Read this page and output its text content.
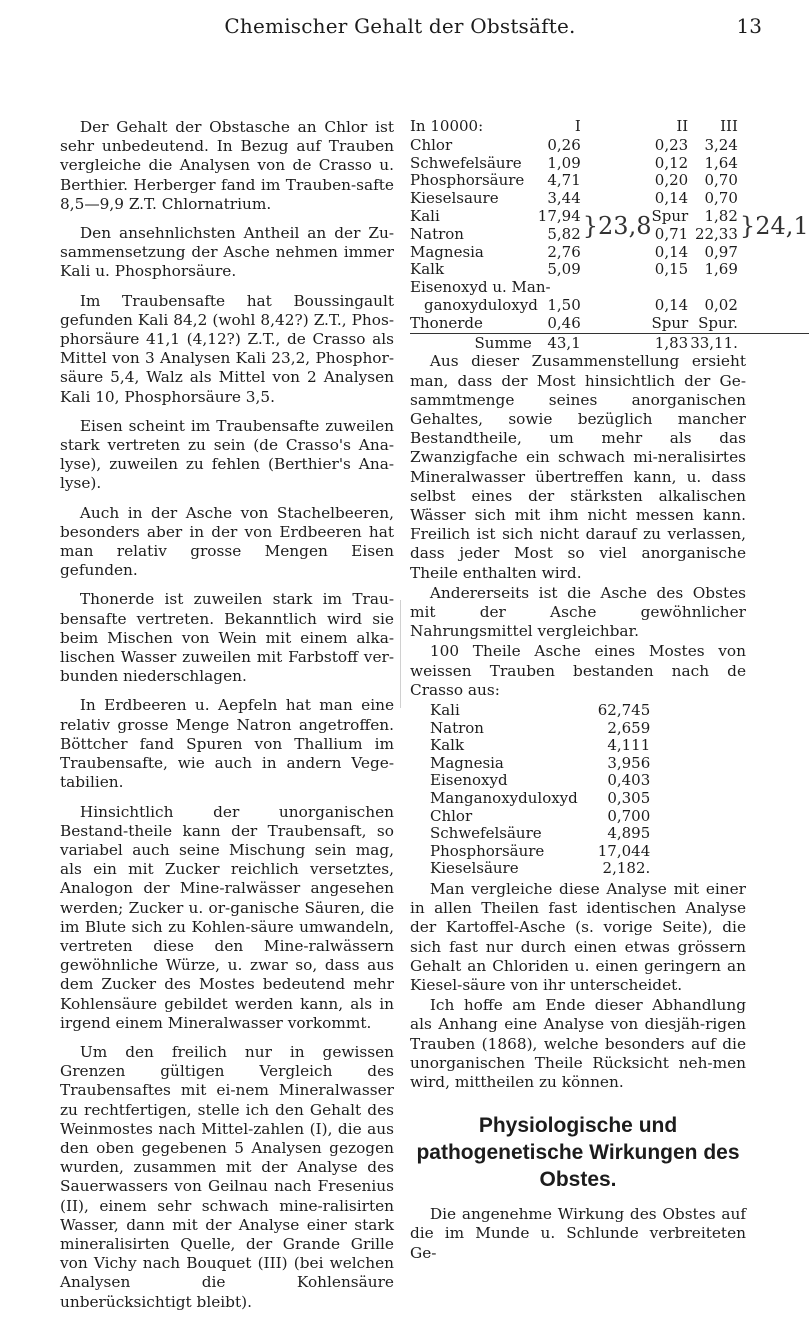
Chemischer Gehalt der Obstsäfte.	13

Der Gehalt der Obstasche an Chlor ist sehr unbedeutend. In Bezug auf Trauben vergleiche die Analysen von de Crasso u. Berthier. Herberger fand im Trauben-safte 8,5—9,9 Z.T. Chlornatrium.

Den ansehnlichsten Antheil an der Zu-sammensetzung der Asche nehmen immer Kali u. Phosphorsäure.

Im Traubensafte hat Boussingault gefunden Kali 84,2 (wohl 8,42?) Z.T., Phos-phorsäure 41,1 (4,12?) Z.T., de Crasso als Mittel von 3 Analysen Kali 23,2, Phosphor-säure 5,4, Walz als Mittel von 2 Analysen Kali 10, Phosphorsäure 3,5.

Eisen scheint im Traubensafte zuweilen stark vertreten zu sein (de Crasso's Ana-lyse), zuweilen zu fehlen (Berthier's Ana-lyse).

Auch in der Asche von Stachelbeeren, besonders aber in der von Erdbeeren hat man relativ grosse Mengen Eisen gefunden.

Thonerde ist zuweilen stark im Trau-bensafte vertreten. Bekanntlich wird sie beim Mischen von Wein mit einem alka-lischen Wasser zuweilen mit Farbstoff ver-bunden niederschlagen.

In Erdbeeren u. Aepfeln hat man eine relativ grosse Menge Natron angetroffen. Böttcher fand Spuren von Thallium im Traubensafte, wie auch in andern Vege-tabilien.

Hinsichtlich der unorganischen Bestand-theile kann der Traubensaft, so variabel auch seine Mischung sein mag, als ein mit Zucker reichlich versetztes, Analogon der Mine-ralwässer angesehen werden; Zucker u. or-ganische Säuren, die im Blute sich zu Kohlen-säure umwandeln, vertreten diese den Mine-ralwässern gewöhnliche Würze, u. zwar so, dass aus dem Zucker des Mostes bedeutend mehr Kohlensäure gebildet werden kann, als in irgend einem Mineralwasser vorkommt.

Um den freilich nur in gewissen Grenzen gültigen Vergleich des Traubensaftes mit ei-nem Mineralwasser zu rechtfertigen, stelle ich den Gehalt des Weinmostes nach Mittel-zahlen (I), die aus den oben gegebenen 5 Analysen gezogen wurden, zusammen mit der Analyse des Sauerwassers von Geilnau nach Fresenius (II), einem sehr schwach mine-ralisirten Wasser, dann mit der Analyse einer stark mineralisirten Quelle, der Grande Grille von Vichy nach Bouquet (III) (bei welchen Analysen die Kohlensäure unberücksichtigt bleibt).

In 10000:	I		II	III	
Chlor	0,26		0,23	3,24	
Schwefelsäure	1,09		0,12	1,64	
Phosphorsäure	4,71		0,20	0,70	
Kieselsaure	3,44		0,14	0,70	
Kali	17,94	}23,8	Spur	1,82	}24,1
Natron	5,82		0,71	22,33	
Magnesia	2,76		0,14	0,97	
Kalk	5,09		0,15	1,69	
Eisenoxyd u. Man-					
ganoxyduloxyd	1,50		0,14	0,02	
Thonerde	0,46		Spur	Spur.	
Summe	43,1		1,83	33,11.	

Aus dieser Zusammenstellung ersieht man, dass der Most hinsichtlich der Ge-sammtmenge seines anorganischen Gehaltes, sowie bezüglich mancher Bestandtheile, um mehr als das Zwanzigfache ein schwach mi-neralisirtes Mineralwasser übertreffen kann, u. dass selbst eines der stärksten alkalischen Wässer sich mit ihm nicht messen kann. Freilich ist sich nicht darauf zu verlassen, dass jeder Most so viel anorganische Theile enthalten wird.

Andererseits ist die Asche des Obstes mit der Asche gewöhnlicher Nahrungsmittel vergleichbar.

100 Theile Asche eines Mostes von weissen Trauben bestanden nach de Crasso aus:

Kali	62,745
Natron	2,659
Kalk	4,111
Magnesia	3,956
Eisenoxyd	0,403
Manganoxyduloxyd	0,305
Chlor	0,700
Schwefelsäure	4,895
Phosphorsäure	17,044
Kieselsäure	2,182.

Man vergleiche diese Analyse mit einer in allen Theilen fast identischen Analyse der Kartoffel-Asche (s. vorige Seite), die sich fast nur durch einen etwas grössern Gehalt an Chloriden u. einen geringern an Kiesel-säure von ihr unterscheidet.

Ich hoffe am Ende dieser Abhandlung als Anhang eine Analyse von diesjäh-rigen Trauben (1868), welche besonders auf die unorganischen Theile Rücksicht neh-men wird, mittheilen zu können.

Physiologische und pathogenetische Wirkungen des Obstes.

Die angenehme Wirkung des Obstes auf die im Munde u. Schlunde verbreiteten Ge-
